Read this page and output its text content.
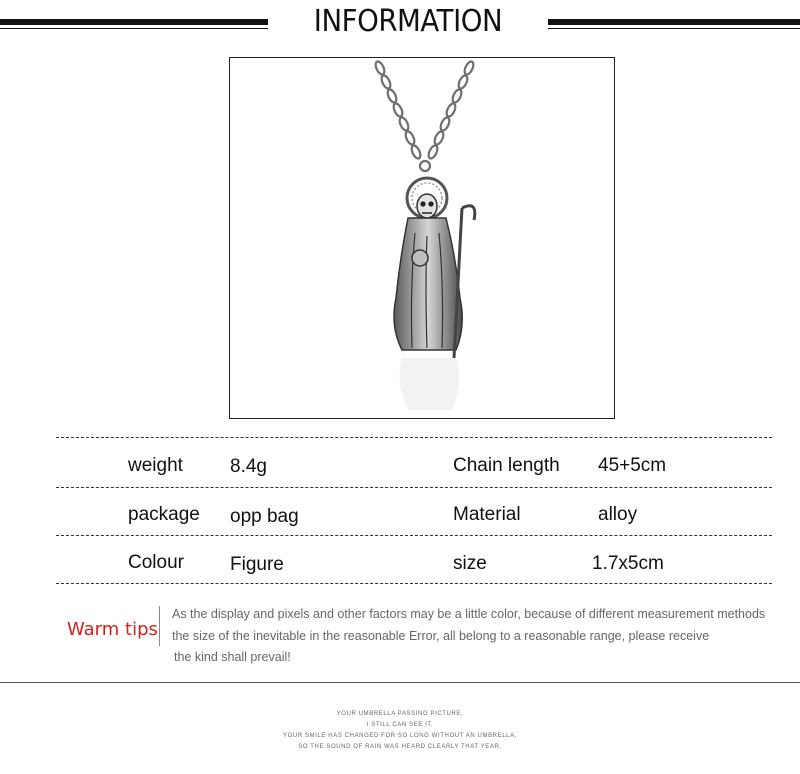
INFORMATION
weight 8.4g	Chain length 45+5cm
package opp bag	Material	alloy
Colour Figure	size	1.7x5cm
Warm tips
As the display and pixels and other factors may be a little color, because of different measurement methods
the size of the inevitable in the reasonable Error, all belong to a reasonable range, please receive
the kind shall prevail!
YOUR UMBRELLA PASSING PICTURE,
I STILL CAN SEE IT,
YOUR SMILE HAS CHANGED FOR SO LONG WITHOUT AN UMBRELLA,
SO THE SOUND OF RAIN WAS HEARD CLEARLY THAT YEAR.
